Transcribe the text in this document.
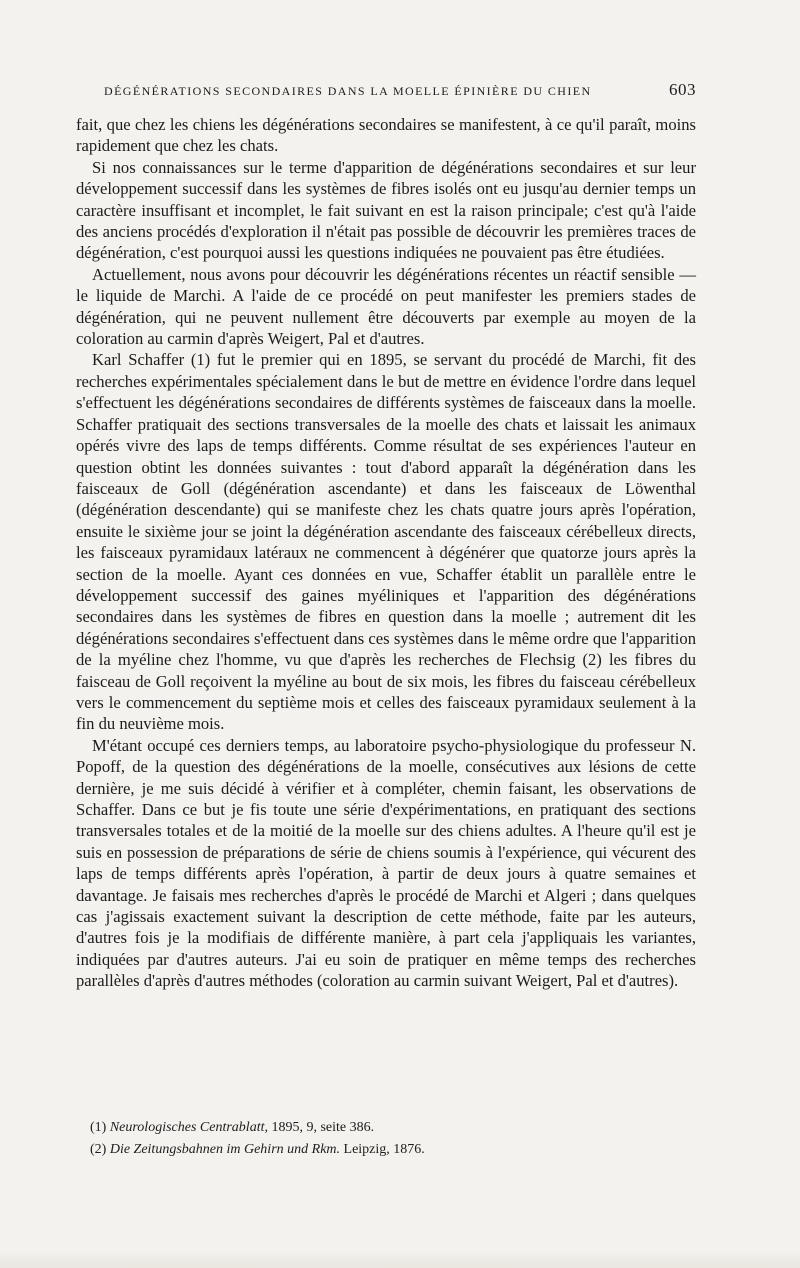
DÉGÉNÉRATIONS SECONDAIRES DANS LA MOELLE ÉPINIÈRE DU CHIEN	603

fait, que chez les chiens les dégénérations secondaires se manifestent, à ce qu'il paraît, moins rapidement que chez les chats.

Si nos connaissances sur le terme d'apparition de dégénérations secondaires et sur leur développement successif dans les systèmes de fibres isolés ont eu jusqu'au dernier temps un caractère insuffisant et incomplet, le fait suivant en est la raison principale; c'est qu'à l'aide des anciens procédés d'exploration il n'était pas possible de découvrir les premières traces de dégénération, c'est pourquoi aussi les questions indiquées ne pouvaient pas être étudiées.

Actuellement, nous avons pour découvrir les dégénérations récentes un réactif sensible — le liquide de Marchi. A l'aide de ce procédé on peut manifester les premiers stades de dégénération, qui ne peuvent nullement être découverts par exemple au moyen de la coloration au carmin d'après Weigert, Pal et d'autres.

Karl Schaffer (1) fut le premier qui en 1895, se servant du procédé de Marchi, fit des recherches expérimentales spécialement dans le but de mettre en évidence l'ordre dans lequel s'effectuent les dégénérations secondaires de différents systèmes de faisceaux dans la moelle. Schaffer pratiquait des sections transversales de la moelle des chats et laissait les animaux opérés vivre des laps de temps différents. Comme résultat de ses expériences l'auteur en question obtint les données suivantes : tout d'abord apparaît la dégénération dans les faisceaux de Goll (dégénération ascendante) et dans les faisceaux de Löwenthal (dégénération descendante) qui se manifeste chez les chats quatre jours après l'opération, ensuite le sixième jour se joint la dégénération ascendante des faisceaux cérébelleux directs, les faisceaux pyramidaux latéraux ne commencent à dégénérer que quatorze jours après la section de la moelle. Ayant ces données en vue, Schaffer établit un parallèle entre le développement successif des gaines myéliniques et l'apparition des dégénérations secondaires dans les systèmes de fibres en question dans la moelle ; autrement dit les dégénérations secondaires s'effectuent dans ces systèmes dans le même ordre que l'apparition de la myéline chez l'homme, vu que d'après les recherches de Flechsig (2) les fibres du faisceau de Goll reçoivent la myéline au bout de six mois, les fibres du faisceau cérébelleux vers le commencement du septième mois et celles des faisceaux pyramidaux seulement à la fin du neuvième mois.

M'étant occupé ces derniers temps, au laboratoire psycho-physiologique du professeur N. Popoff, de la question des dégénérations de la moelle, consécutives aux lésions de cette dernière, je me suis décidé à vérifier et à compléter, chemin faisant, les observations de Schaffer. Dans ce but je fis toute une série d'expérimentations, en pratiquant des sections transversales totales et de la moitié de la moelle sur des chiens adultes. A l'heure qu'il est je suis en possession de préparations de série de chiens soumis à l'expérience, qui vécurent des laps de temps différents après l'opération, à partir de deux jours à quatre semaines et davantage. Je faisais mes recherches d'après le procédé de Marchi et Algeri ; dans quelques cas j'agissais exactement suivant la description de cette méthode, faite par les auteurs, d'autres fois je la modifiais de différente manière, à part cela j'appliquais les variantes, indiquées par d'autres auteurs. J'ai eu soin de pratiquer en même temps des recherches parallèles d'après d'autres méthodes (coloration au carmin suivant Weigert, Pal et d'autres).

(1) Neurologisches Centrablatt, 1895, 9, seite 386.

(2) Die Zeitungsbahnen im Gehirn und Rkm. Leipzig, 1876.
